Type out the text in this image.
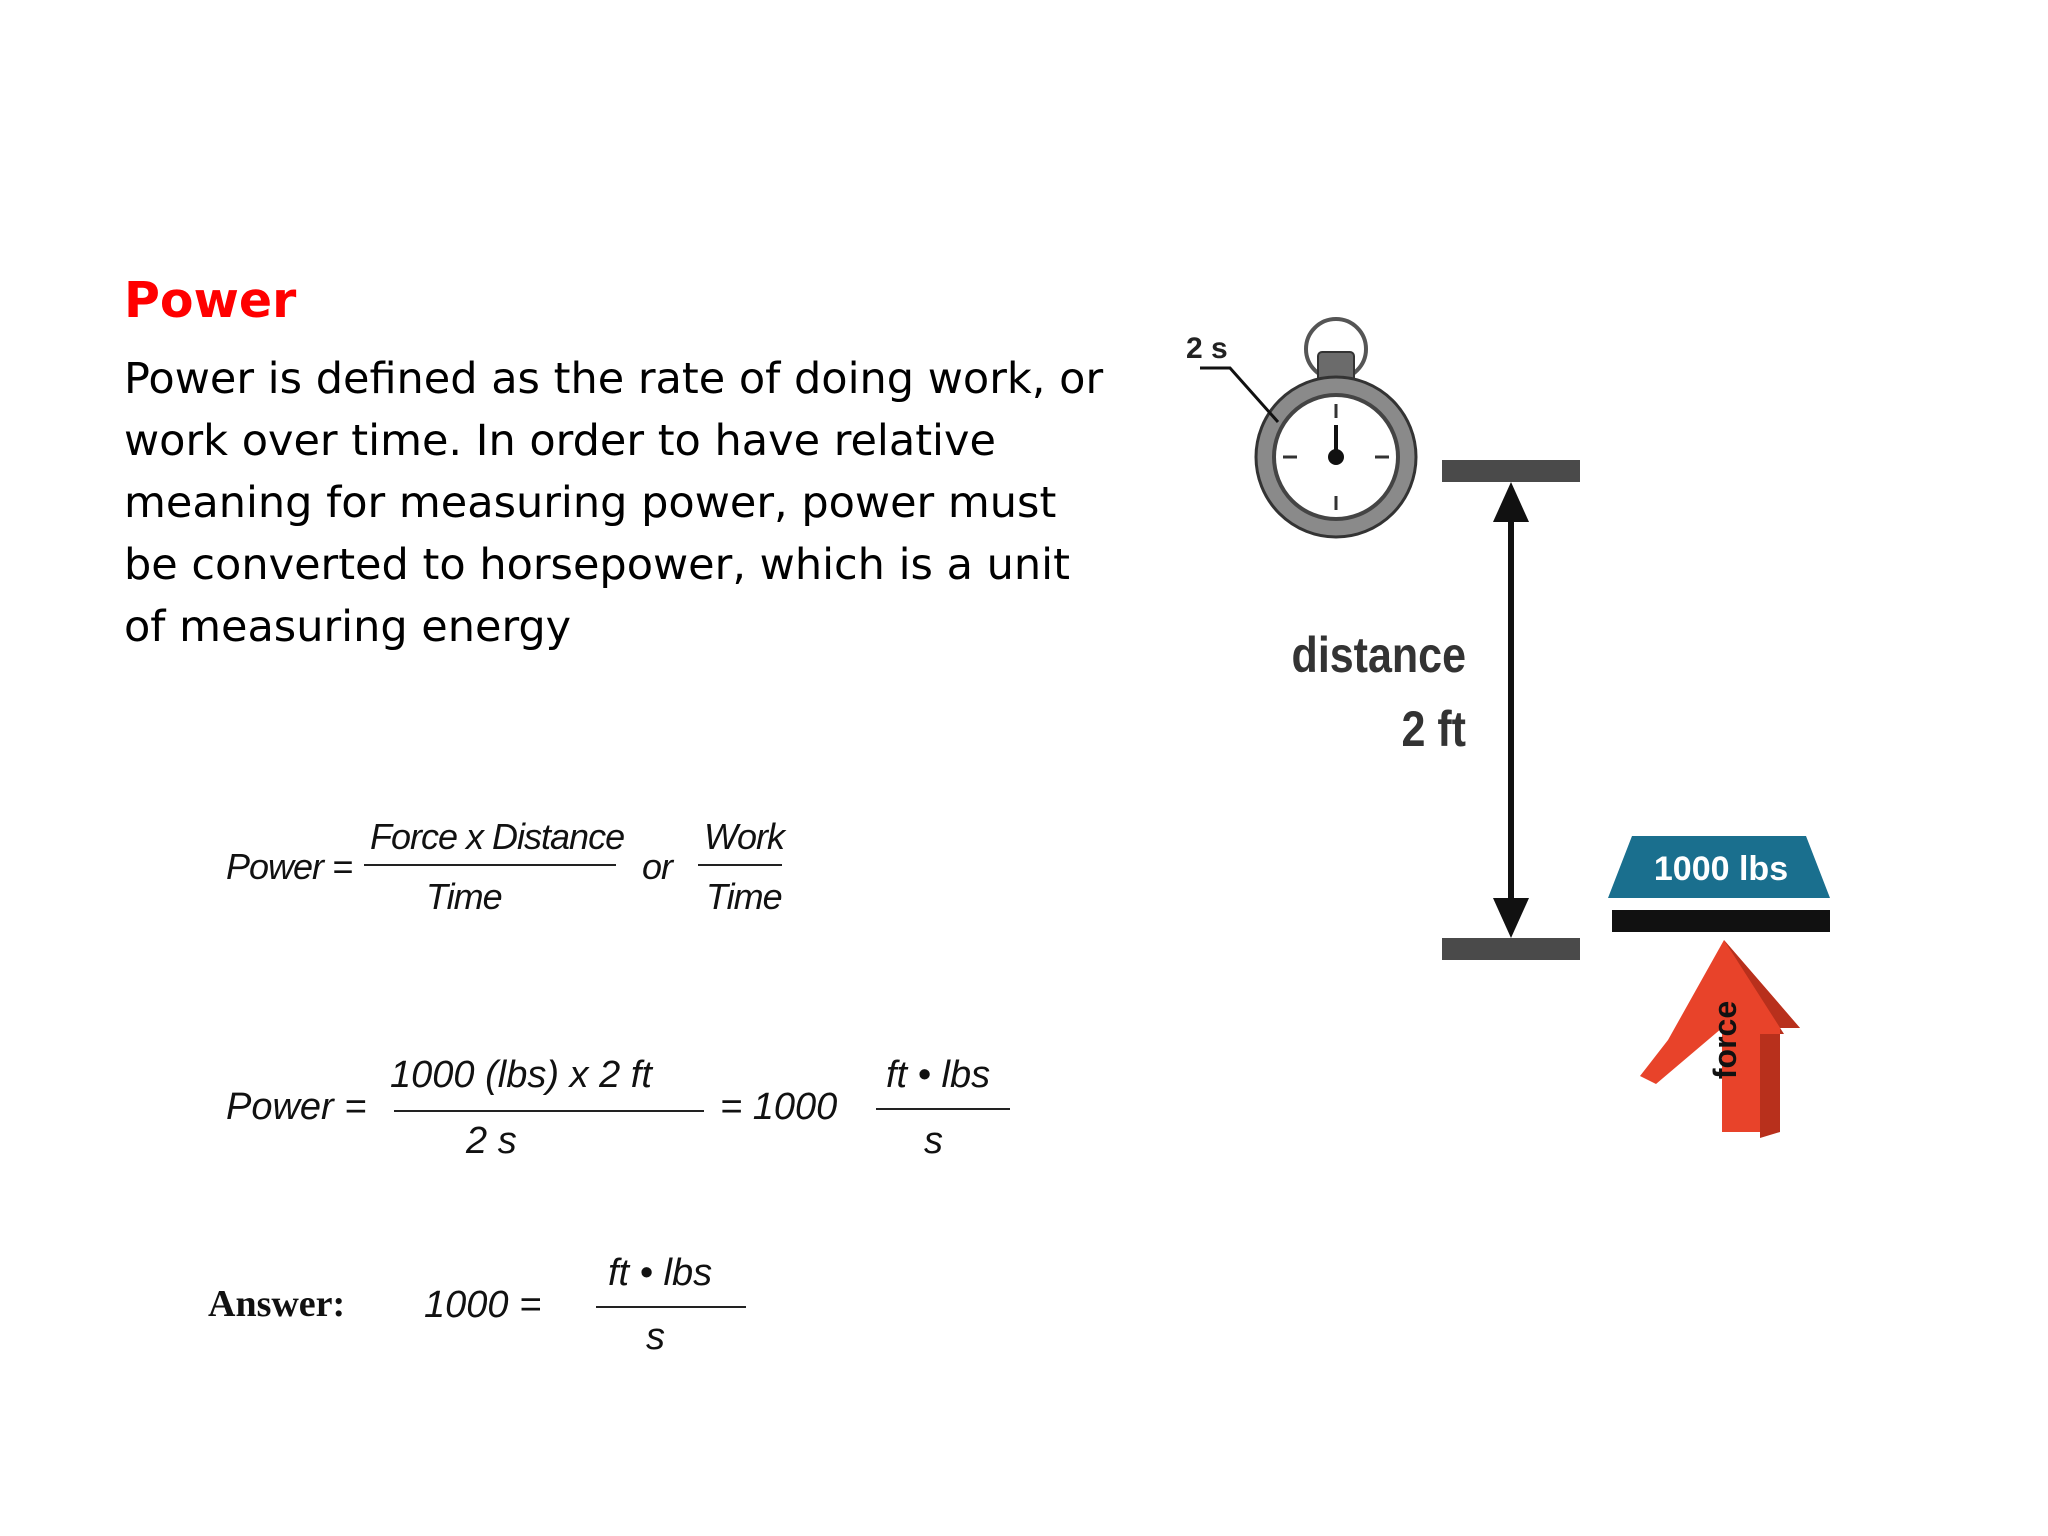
Power
Power is defined as the rate of doing work, or
work over time. In order to have relative
meaning for measuring power, power must
be converted to horsepower, which is a unit
of measuring energy
Power =
Force x Distance
Time
or
Work
Time
Power =
1000 (lbs) x 2 ft
2 s
= 1000
ft • lbs
s
Answer: 1000 =
ft • lbs
s
2 s
distance
2 ft
1000 lbs
force
